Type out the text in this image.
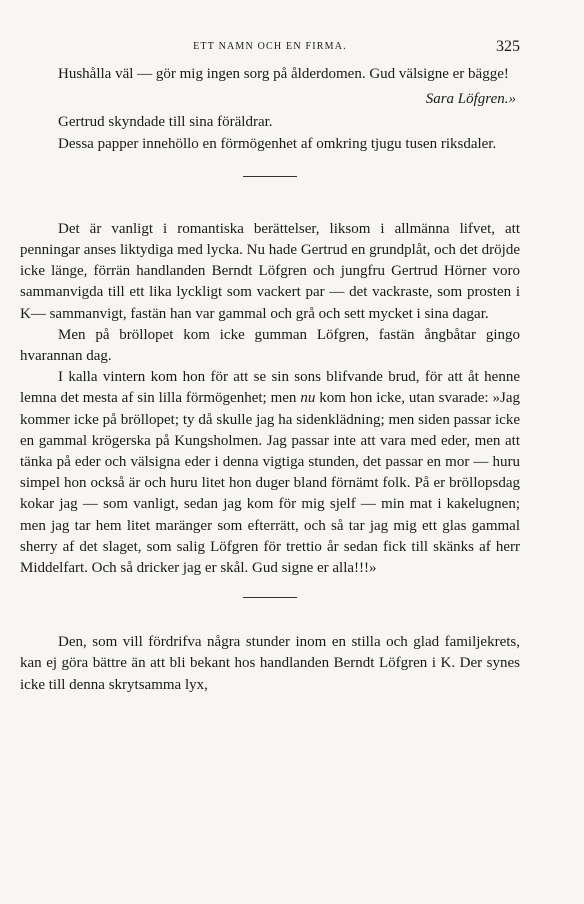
ETT NAMN OCH EN FIRMA.	325

Hushålla väl — gör mig ingen sorg på ålderdomen. Gud välsigne er bägge!

Sara Löfgren.»

Gertrud skyndade till sina föräldrar.

Dessa papper innehöllo en förmögenhet af omkring tjugu tusen riksdaler.

Det är vanligt i romantiska berättelser, liksom i allmänna lifvet, att penningar anses liktydiga med lycka. Nu hade Gertrud en grundplåt, och det dröjde icke länge, förrän handlanden Berndt Löfgren och jungfru Gertrud Hörner voro sammanvigda till ett lika lyckligt som vackert par — det vackraste, som prosten i K— sammanvigt, fastän han var gammal och grå och sett mycket i sina dagar.

Men på bröllopet kom icke gumman Löfgren, fastän ångbåtar gingo hvarannan dag.

I kalla vintern kom hon för att se sin sons blifvande brud, för att åt henne lemna det mesta af sin lilla förmögenhet; men nu kom hon icke, utan svarade: »Jag kommer icke på bröllopet; ty då skulle jag ha sidenklädning; men siden passar icke en gammal krögerska på Kungsholmen. Jag passar inte att vara med eder, men att tänka på eder och välsigna eder i denna vigtiga stunden, det passar en mor — huru simpel hon också är och huru litet hon duger bland förnämt folk. På er bröllopsdag kokar jag — som vanligt, sedan jag kom för mig sjelf — min mat i kakelugnen; men jag tar hem litet maränger som efterrätt, och så tar jag mig ett glas gammal sherry af det slaget, som salig Löfgren för trettio år sedan fick till skänks af herr Middelfart. Och så dricker jag er skål. Gud signe er alla!!!»

Den, som vill fördrifva några stunder inom en stilla och glad familjekrets, kan ej göra bättre än att bli bekant hos handlanden Berndt Löfgren i K. Der synes icke till denna skrytsamma lyx,
